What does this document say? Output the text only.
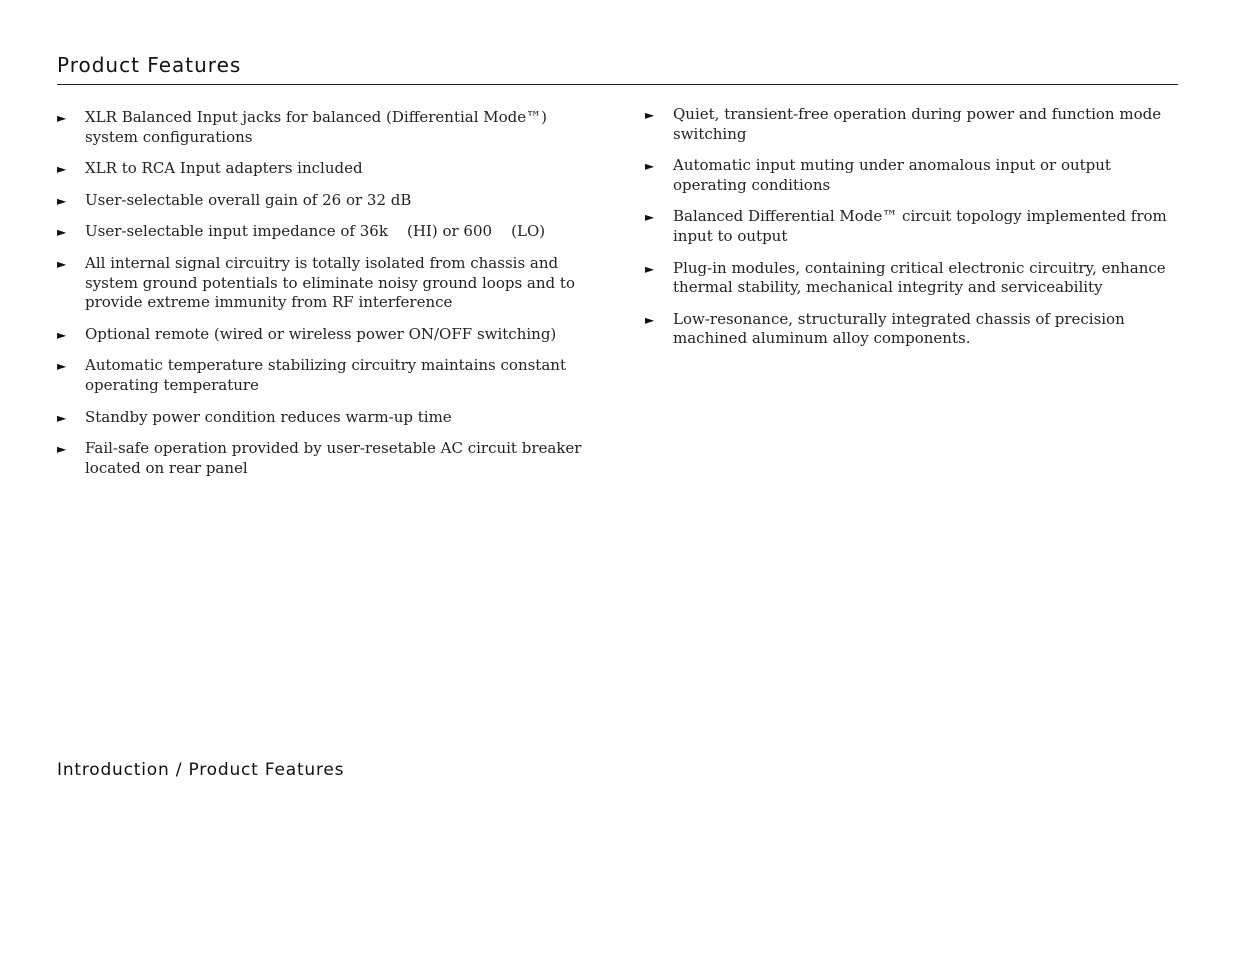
Product Features
► XLR Balanced Input jacks for balanced (Differential Mode™) system configurations
► XLR to RCA Input adapters included
► User-selectable overall gain of 26 or 32 dB
► User-selectable input impedance of 36k    (HI) or 600    (LO)
► All internal signal circuitry is totally isolated from chassis and system ground potentials to eliminate noisy ground loops and to provide extreme immunity from RF interference
► Optional remote (wired or wireless power ON/OFF switching)
► Automatic temperature stabilizing circuitry maintains constant operating temperature
► Standby power condition reduces warm-up time
► Fail-safe operation provided by user-resetable AC circuit breaker located on rear panel
► Quiet, transient-free operation during power and function mode switching
► Automatic input muting under anomalous input or output operating conditions
► Balanced Differential Mode™ circuit topology implemented from input to output
► Plug-in modules, containing critical electronic circuitry, enhance thermal stability, mechanical integrity and serviceability
► Low-resonance, structurally integrated chassis of precision machined aluminum alloy components.
Introduction / Product Features
